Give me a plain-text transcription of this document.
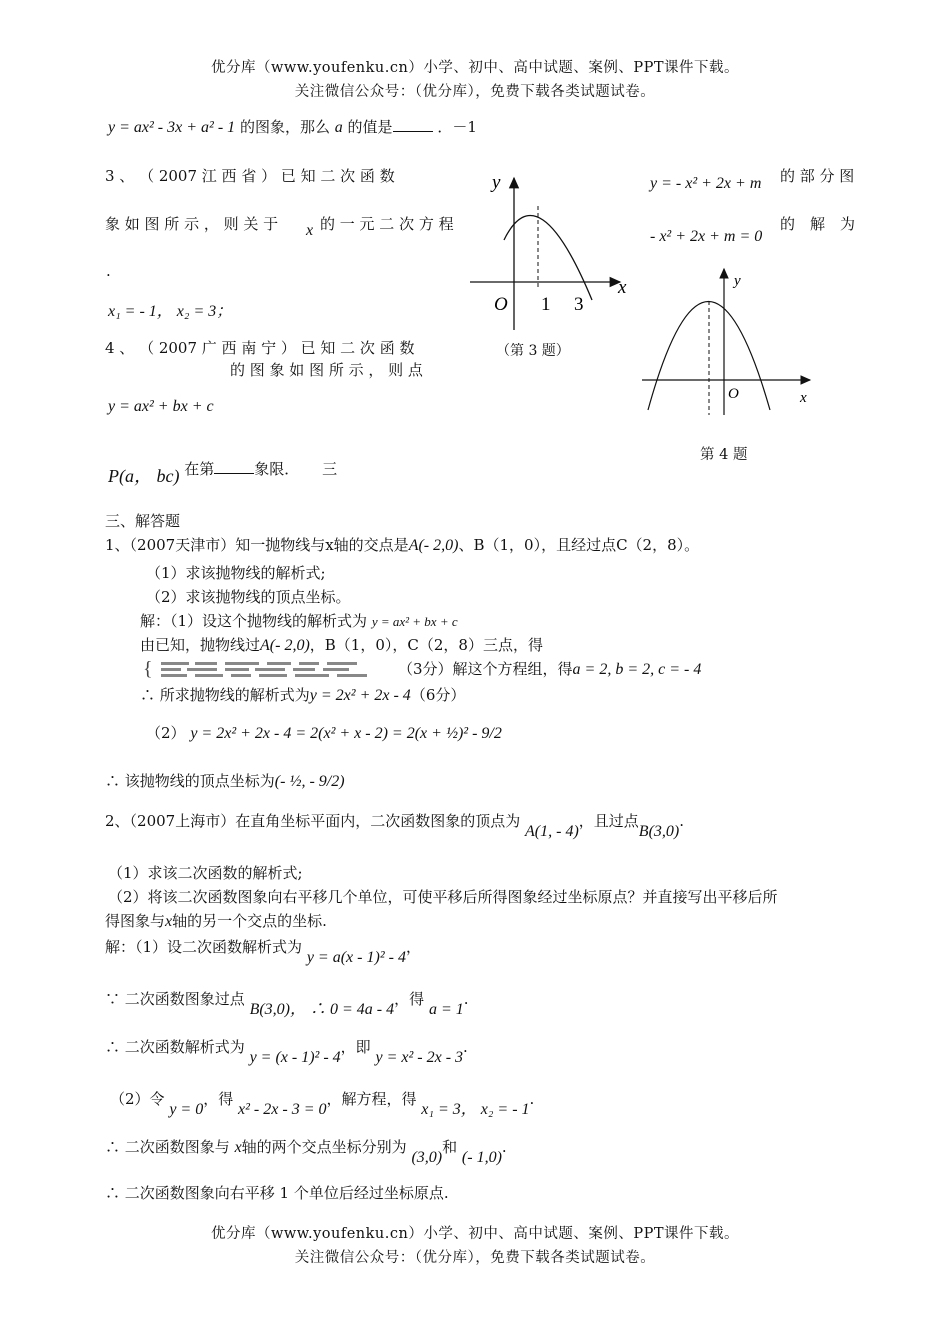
优分库（www.youfenku.cn）小学、初中、高中试题、案例、PPT课件下载。
关注微信公众号：（优分库），免费下载各类试题试卷。
y = ax² - 3x + a² - 1 的图象，那么 a 的值是	．－1
3 、 （ 2007 江 西 省 ） 已 知 二 次 函 数	y = - x² + 2x + m 的 部 分 图
象 如 图 所 示 ， 则 关 于 x 的 一 元 二 次 方 程
- x² + 2x + m = 0
的　解　为
.
x₁ = - 1， x₂ = 3；
y
x
O 1 3
（第 3 题）
4 、 （ 2007 广 西 南 宁 ） 已 知 二 次 函 数
的 图 象 如 图 所 示 ， 则 点
y = ax² + bx + c
P(a， bc) 在第	象限． 三
y
x
O
第 4 题
三、解答题
1、（2007天津市）知一抛物线与x轴的交点是A(- 2,0)、B（1，0），且经过点C（2，8）。
（1）求该抛物线的解析式;
（2）求该抛物线的顶点坐标。
解：（1）设这个抛物线的解析式为 y = ax² + bx + c
由已知，抛物线过A(- 2,0)，B（1，0），C（2，8）三点，得
{	（3分）解这个方程组，得a = 2, b = 2, c = - 4
∴ 所求抛物线的解析式为y = 2x² + 2x - 4（6分）
（2） y = 2x² + 2x - 4 = 2(x² + x - 2) = 2(x + ½)² - 9/2
∴ 该抛物线的顶点坐标为(- ½, - 9/2)
2、（2007上海市）在直角坐标平面内，二次函数图象的顶点为 A(1, - 4)，且过点B(3,0).
（1）求该二次函数的解析式;
（2）将该二次函数图象向右平移几个单位，可使平移后所得图象经过坐标原点？并直接写出平移后所
得图象与x轴的另一个交点的坐标.
解：（1）设二次函数解析式为 y = a(x - 1)² - 4，
∵ 二次函数图象过点 B(3,0)， ∴ 0 = 4a - 4，得 a = 1.
∴ 二次函数解析式为 y = (x - 1)² - 4，即 y = x² - 2x - 3.
（2）令 y = 0，得 x² - 2x - 3 = 0，解方程，得 x₁ = 3， x₂ = - 1.
∴ 二次函数图象与 x轴的两个交点坐标分别为 (3,0)和 (- 1,0).
∴ 二次函数图象向右平移 1 个单位后经过坐标原点.
优分库（www.youfenku.cn）小学、初中、高中试题、案例、PPT课件下载。
关注微信公众号：（优分库），免费下载各类试题试卷。
